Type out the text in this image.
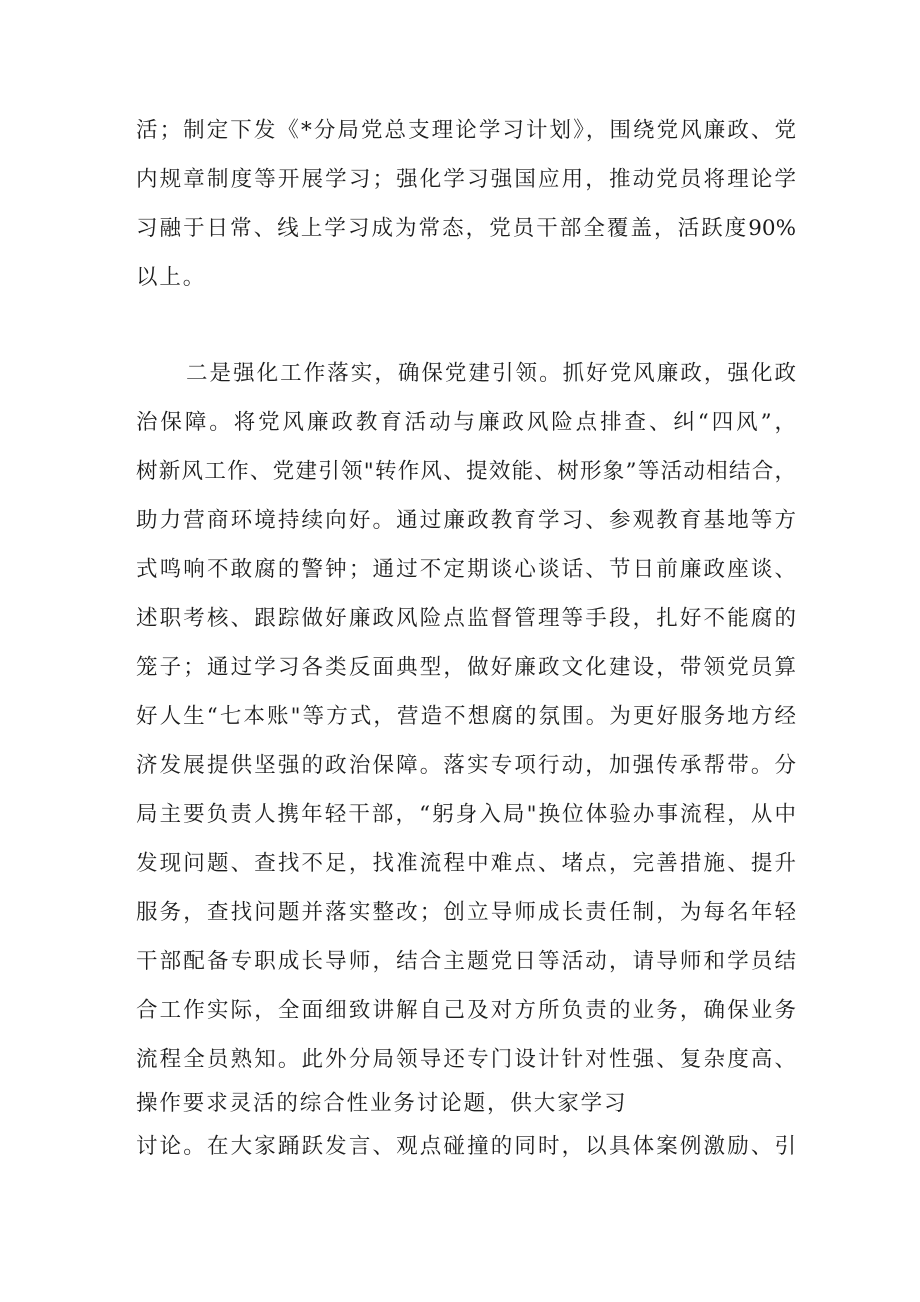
活；制定下发《*分局党总支理论学习计划》，围绕党风廉政、党
内规章制度等开展学习；强化学习强国应用，推动党员将理论学
习融于日常、线上学习成为常态，党员干部全覆盖，活跃度90%
以上。
二是强化工作落实，确保党建引领。抓好党风廉政，强化政
治保障。将党风廉政教育活动与廉政风险点排查、纠“四风”，
树新风工作、党建引领"转作风、提效能、树形象”等活动相结合，
助力营商环境持续向好。通过廉政教育学习、参观教育基地等方
式鸣响不敢腐的警钟；通过不定期谈心谈话、节日前廉政座谈、
述职考核、跟踪做好廉政风险点监督管理等手段，扎好不能腐的
笼子；通过学习各类反面典型，做好廉政文化建设，带领党员算
好人生“七本账"等方式，营造不想腐的氛围。为更好服务地方经
济发展提供坚强的政治保障。落实专项行动，加强传承帮带。分
局主要负责人携年轻干部，“躬身入局"换位体验办事流程，从中
发现问题、查找不足，找准流程中难点、堵点，完善措施、提升
服务，查找问题并落实整改；创立导师成长责任制，为每名年轻
干部配备专职成长导师，结合主题党日等活动，请导师和学员结
合工作实际，全面细致讲解自己及对方所负责的业务，确保业务
流程全员熟知。此外分局领导还专门设计针对性强、复杂度高、
操作要求灵活的综合性业务讨论题，供大家学习
讨论。在大家踊跃发言、观点碰撞的同时，以具体案例激励、引
